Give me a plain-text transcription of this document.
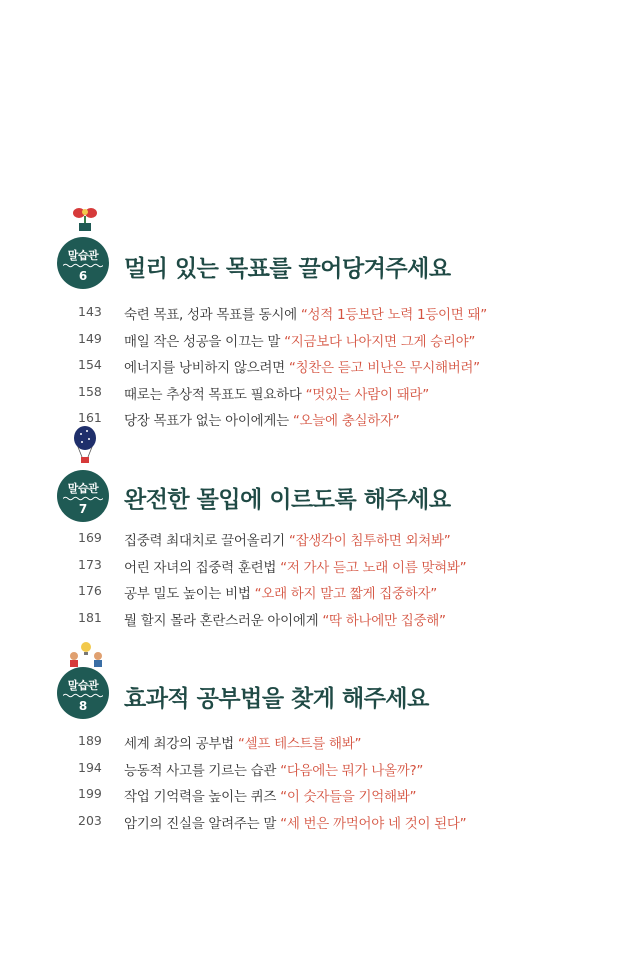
말습관
6	멀리 있는 목표를 끌어당겨주세요
143	숙련 목표, 성과 목표를 동시에 “성적 1등보단 노력 1등이면 돼”
149	매일 작은 성공을 이끄는 말 “지금보다 나아지면 그게 승리야”
154	에너지를 낭비하지 않으려면 “칭찬은 듣고 비난은 무시해버려”
158	때로는 추상적 목표도 필요하다 “멋있는 사람이 돼라”
161	당장 목표가 없는 아이에게는 “오늘에 충실하자”
말습관
7	완전한 몰입에 이르도록 해주세요
169	집중력 최대치로 끌어올리기 “잡생각이 침투하면 외쳐봐”
173	어린 자녀의 집중력 훈련법 “저 가사 듣고 노래 이름 맞혀봐”
176	공부 밀도 높이는 비법 “오래 하지 말고 짧게 집중하자”
181	뭘 할지 몰라 혼란스러운 아이에게 “딱 하나에만 집중해”
말습관
8	효과적 공부법을 찾게 해주세요
189	세계 최강의 공부법 “셀프 테스트를 해봐”
194	능동적 사고를 기르는 습관 “다음에는 뭐가 나올까?”
199	작업 기억력을 높이는 퀴즈 “이 숫자들을 기억해봐”
203	암기의 진실을 알려주는 말 “세 번은 까먹어야 네 것이 된다”
